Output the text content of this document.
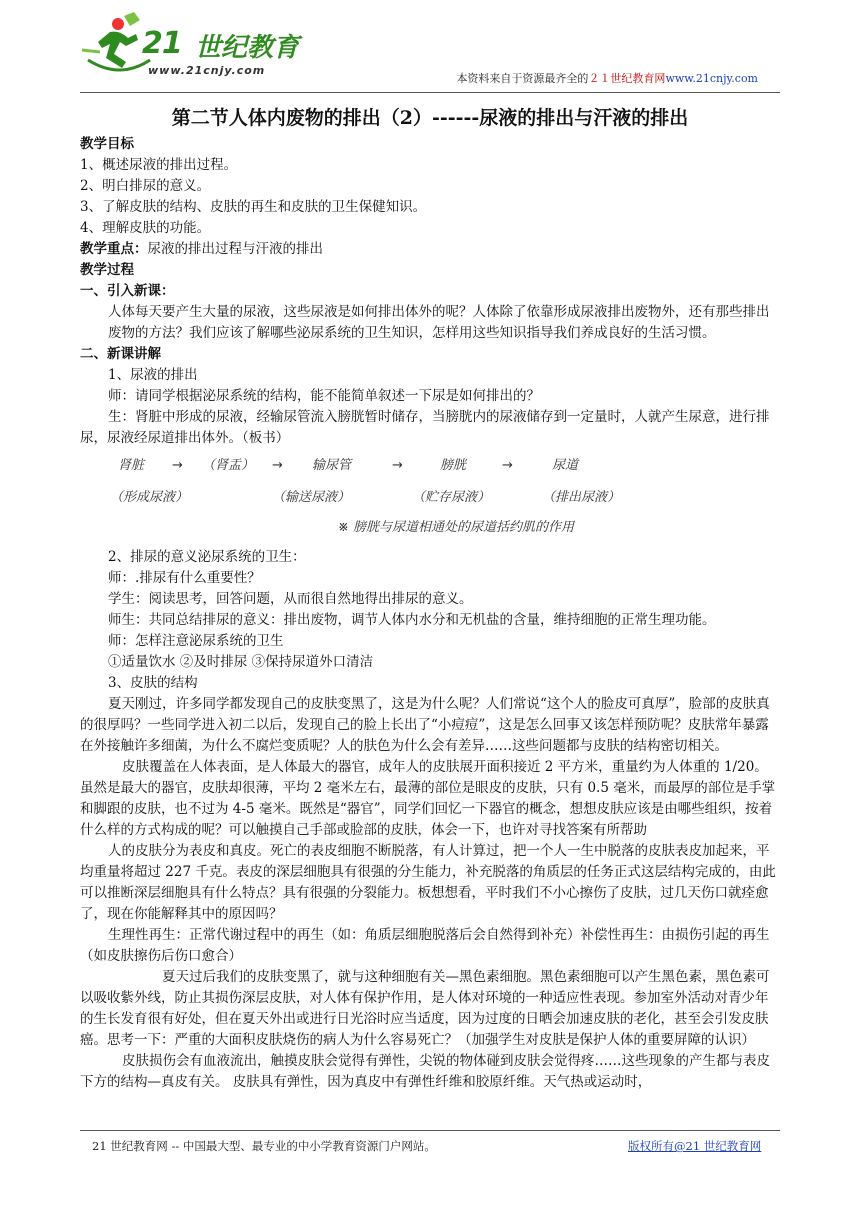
21 世纪教育
www.21cnjy.com
本资料来自于资源最齐全的２１世纪教育网www.21cnjy.com

第二节人体内废物的排出（2）------尿液的排出与汗液的排出

教学目标

1、概述尿液的排出过程。

2、明白排尿的意义。

3、了解皮肤的结构、皮肤的再生和皮肤的卫生保健知识。

4、理解皮肤的功能。

教学重点：尿液的排出过程与汗液的排出

教学过程

一、引入新课：

人体每天要产生大量的尿液，这些尿液是如何排出体外的呢？人体除了依靠形成尿液排出废物外，还有那些排出废物的方法？我们应该了解哪些泌尿系统的卫生知识，怎样用这些知识指导我们养成良好的生活习惯。

二、新课讲解

1、尿液的排出

师：请同学根据泌尿系统的结构，能不能简单叙述一下尿是如何排出的？

生：肾脏中形成的尿液，经输尿管流入膀胱暂时储存，当膀胱内的尿液储存到一定量时，人就产生尿意，进行排尿，尿液经尿道排出体外。（板书）

肾脏 → （肾盂） → 输尿管	→	膀胱	→	尿道
（形成尿液）	（输送尿液）	（贮存尿液）	（排出尿液）
※ 膀胱与尿道相通处的尿道括约肌的作用

2、排尿的意义泌尿系统的卫生：

师：.排尿有什么重要性？

学生：阅读思考，回答问题，从而很自然地得出排尿的意义。

师生：共同总结排尿的意义：排出废物，调节人体内水分和无机盐的含量，维持细胞的正常生理功能。

师：怎样注意泌尿系统的卫生

①适量饮水 ②及时排尿 ③保持尿道外口清洁

3、皮肤的结构

夏天刚过，许多同学都发现自己的皮肤变黑了，这是为什么呢？人们常说“这个人的脸皮可真厚”，脸部的皮肤真的很厚吗？一些同学进入初二以后，发现自己的脸上长出了“小痘痘”，这是怎么回事又该怎样预防呢？皮肤常年暴露在外接触许多细菌，为什么不腐烂变质呢？人的肤色为什么会有差异……这些问题都与皮肤的结构密切相关。

皮肤覆盖在人体表面，是人体最大的器官，成年人的皮肤展开面积接近 2 平方米，重量约为人体重的 1/20。虽然是最大的器官，皮肤却很薄，平均 2 毫米左右，最薄的部位是眼皮的皮肤，只有 0.5 毫米，而最厚的部位是手掌和脚跟的皮肤，也不过为 4-5 毫米。既然是“器官”，同学们回忆一下器官的概念，想想皮肤应该是由哪些组织，按着什么样的方式构成的呢？可以触摸自己手部或脸部的皮肤，体会一下，也许对寻找答案有所帮助

人的皮肤分为表皮和真皮。死亡的表皮细胞不断脱落，有人计算过，把一个人一生中脱落的皮肤表皮加起来，平均重量将超过 227 千克。表皮的深层细胞具有很强的分生能力，补充脱落的角质层的任务正式这层结构完成的，由此可以推断深层细胞具有什么特点？具有很强的分裂能力。板想想看，平时我们不小心擦伤了皮肤，过几天伤口就痊愈了，现在你能解释其中的原因吗？

生理性再生：正常代谢过程中的再生（如：角质层细胞脱落后会自然得到补充）补偿性再生：由损伤引起的再生（如皮肤擦伤后伤口愈合）

夏天过后我们的皮肤变黑了，就与这种细胞有关—黑色素细胞。黑色素细胞可以产生黑色素，黑色素可以吸收紫外线，防止其损伤深层皮肤，对人体有保护作用，是人体对环境的一种适应性表现。参加室外活动对青少年的生长发育很有好处，但在夏天外出或进行日光浴时应当适度，因为过度的日晒会加速皮肤的老化，甚至会引发皮肤癌。思考一下：严重的大面积皮肤烧伤的病人为什么容易死亡？（加强学生对皮肤是保护人体的重要屏障的认识）

皮肤损伤会有血液流出，触摸皮肤会觉得有弹性，尖锐的物体碰到皮肤会觉得疼……这些现象的产生都与表皮下方的结构—真皮有关。 皮肤具有弹性，因为真皮中有弹性纤维和胶原纤维。天气热或运动时，

21 世纪教育网 -- 中国最大型、最专业的中小学教育资源门户网站。	版权所有@21 世纪教育网
